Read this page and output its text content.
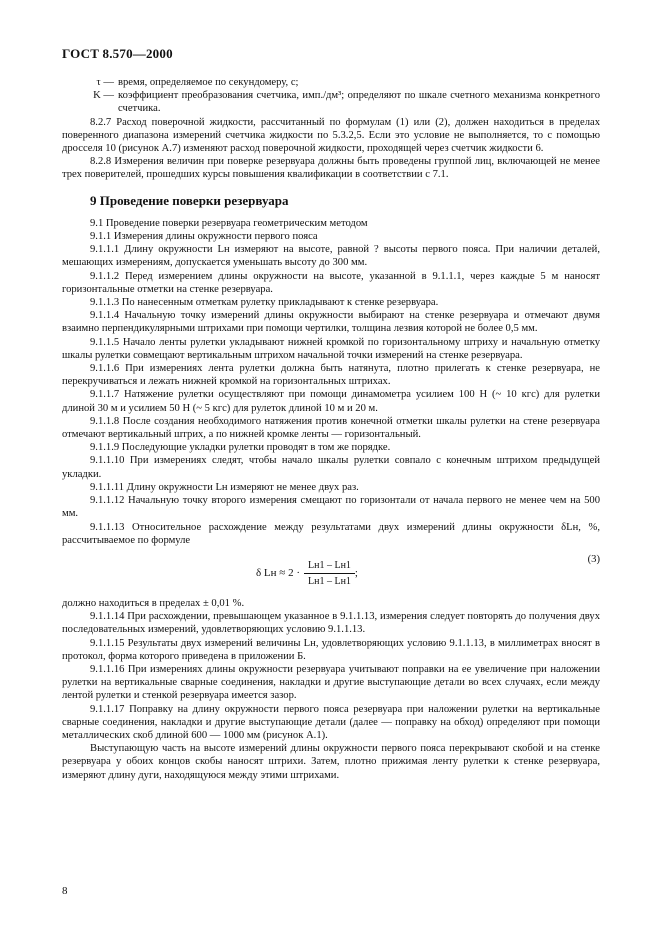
ГОСТ 8.570—2000
τ — время, определяемое по секундомеру, с;
K — коэффициент преобразования счетчика, имп./дм³; определяют по шкале счетного механизма конкретного счетчика.

8.2.7 Расход поверочной жидкости, рассчитанный по формулам (1) или (2), должен находиться в пределах поверенного диапазона измерений счетчика жидкости по 5.3.2,5. Если это условие не выполняется, то с помощью дросселя 10 (рисунок А.7) изменяют расход поверочной жидкости, проходящей через счетчик жидкости 6.

8.2.8 Измерения величин при поверке резервуара должны быть проведены группой лиц, включающей не менее трех поверителей, прошедших курсы повышения квалификации в соответствии с 7.1.

9 Проведение поверки резервуара

9.1 Проведение поверки резервуара геометрическим методом

9.1.1 Измерения длины окружности первого пояса

9.1.1.1 Длину окружности Lн измеряют на высоте, равной ? высоты первого пояса. При наличии деталей, мешающих измерениям, допускается уменьшать высоту до 300 мм.

9.1.1.2 Перед измерением длины окружности на высоте, указанной в 9.1.1.1, через каждые 5 м наносят горизонтальные отметки на стенке резервуара.

9.1.1.3 По нанесенным отметкам рулетку прикладывают к стенке резервуара.

9.1.1.4 Начальную точку измерений длины окружности выбирают на стенке резервуара и отмечают двумя взаимно перпендикулярными штрихами при помощи чертилки, толщина лезвия которой не более 0,5 мм.

9.1.1.5 Начало ленты рулетки укладывают нижней кромкой по горизонтальному штриху и начальную отметку шкалы рулетки совмещают вертикальным штрихом начальной точки измерений на стенке резервуара.

9.1.1.6 При измерениях лента рулетки должна быть натянута, плотно прилегать к стенке резервуара, не перекручиваться и лежать нижней кромкой на горизонтальных штрихах.

9.1.1.7 Натяжение рулетки осуществляют при помощи динамометра усилием 100 Н (~ 10 кгс) для рулетки длиной 30 м и усилием 50 Н (~ 5 кгс) для рулеток длиной 10 м и 20 м.

9.1.1.8 После создания необходимого натяжения против конечной отметки шкалы рулетки на стене резервуара отмечают вертикальный штрих, а по нижней кромке ленты — горизонтальный.

9.1.1.9 Последующие укладки рулетки проводят в том же порядке.

9.1.1.10 При измерениях следят, чтобы начало шкалы рулетки совпало с конечным штрихом предыдущей укладки.

9.1.1.11 Длину окружности Lн измеряют не менее двух раз.

9.1.1.12 Начальную точку второго измерения смещают по горизонтали от начала первого не менее чем на 500 мм.

9.1.1.13 Относительное расхождение между результатами двух измерений длины окружности δLн, %, рассчитываемое по формуле

δ Lн ≈ $2 \cdot \frac{Lн1 - Lн1}{Lн1 - Lн1}$ ;
(3)

должно находиться в пределах ± 0,01 %.

9.1.1.14 При расхождении, превышающем указанное в 9.1.1.13, измерения следует повторять до получения двух последовательных измерений, удовлетворяющих условию 9.1.1.13.

9.1.1.15 Результаты двух измерений величины Lн, удовлетворяющих условию 9.1.1.13, в миллиметрах вносят в протокол, форма которого приведена в приложении Б.

9.1.1.16 При измерениях длины окружности резервуара учитывают поправки на ее увеличение при наложении рулетки на вертикальные сварные соединения, накладки и другие выступающие детали во всех случаях, если между лентой рулетки и стенкой резервуара имеется зазор.

9.1.1.17 Поправку на длину окружности первого пояса резервуара при наложении рулетки на вертикальные сварные соединения, накладки и другие выступающие детали (далее — поправку на обход) определяют при помощи металлических скоб длиной 600 — 1000 мм (рисунок А.1).

Выступающую часть на высоте измерений длины окружности первого пояса перекрывают скобой и на стенке резервуара у обоих концов скобы наносят штрихи. Затем, плотно прижимая ленту рулетки к стенке резервуара, измеряют длину дуги, находящуюся между этими штрихами.

8
